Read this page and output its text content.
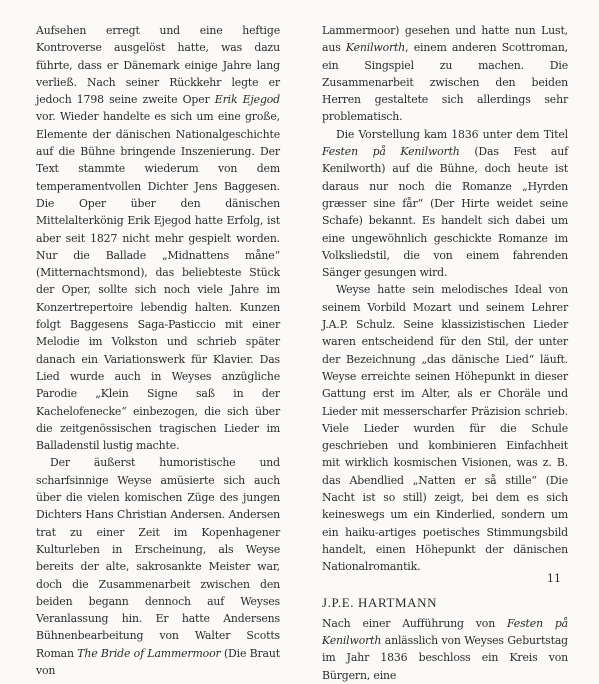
Aufsehen erregt und eine heftige Kontroverse ausgelöst hatte, was dazu führte, dass er Dänemark einige Jahre lang verließ. Nach seiner Rückkehr legte er jedoch 1798 seine zweite Oper Erik Ejegod vor. Wieder handelte es sich um eine große, Elemente der dänischen Nationalgeschichte auf die Bühne bringende Inszenierung. Der Text stammte wiederum von dem temperamentvollen Dichter Jens Baggesen. Die Oper über den dänischen Mittelalterkönig Erik Ejegod hatte Erfolg, ist aber seit 1827 nicht mehr gespielt worden. Nur die Ballade „Midnattens måne“ (Mitternachtsmond), das beliebteste Stück der Oper, sollte sich noch viele Jahre im Konzertrepertoire lebendig halten. Kunzen folgt Baggesens Saga-Pasticcio mit einer Melodie im Volkston und schrieb später danach ein Variationswerk für Klavier. Das Lied wurde auch in Weyses anzügliche Parodie „Klein Signe saß in der Kachelofenecke“ einbezogen, die sich über die zeitgenössischen tragischen Lieder im Balladenstil lustig machte.

Der äußerst humoristische und scharfsinnige Weyse amüsierte sich auch über die vielen komischen Züge des jungen Dichters Hans Christian Andersen. Andersen trat zu einer Zeit im Kopenhagener Kulturleben in Erscheinung, als Weyse bereits der alte, sakrosankte Meister war, doch die Zusammenarbeit zwischen den beiden begann dennoch auf Weyses Veranlassung hin. Er hatte Andersens Bühnenbearbeitung von Walter Scotts Roman The Bride of Lammermoor (Die Braut von

Lammermoor) gesehen und hatte nun Lust, aus Kenilworth, einem anderen Scottroman, ein Singspiel zu machen. Die Zusammenarbeit zwischen den beiden Herren gestaltete sich allerdings sehr problematisch.

Die Vorstellung kam 1836 unter dem Titel Festen på Kenilworth (Das Fest auf Kenilworth) auf die Bühne, doch heute ist daraus nur noch die Romanze „Hyrden græsser sine får“ (Der Hirte weidet seine Schafe) bekannt. Es handelt sich dabei um eine ungewöhnlich geschickte Romanze im Volksliedstil, die von einem fahrenden Sänger gesungen wird.

Weyse hatte sein melodisches Ideal von seinem Vorbild Mozart und seinem Lehrer J.A.P. Schulz. Seine klassizistischen Lieder waren entscheidend für den Stil, der unter der Bezeichnung „das dänische Lied“ läuft. Weyse erreichte seinen Höhepunkt in dieser Gattung erst im Alter, als er Choräle und Lieder mit messerscharfer Präzision schrieb. Viele Lieder wurden für die Schule geschrieben und kombinieren Einfachheit mit wirklich kosmischen Visionen, was z. B. das Abendlied „Natten er så stille“ (Die Nacht ist so still) zeigt, bei dem es sich keineswegs um ein Kinderlied, sondern um ein haiku-artiges poetisches Stimmungsbild handelt, einen Höhepunkt der dänischen Nationalromantik.

J.P.E. HARTMANN

Nach einer Aufführung von Festen på Kenilworth anlässlich von Weyses Geburtstag im Jahr 1836 beschloss ein Kreis von Bürgern, eine

11
